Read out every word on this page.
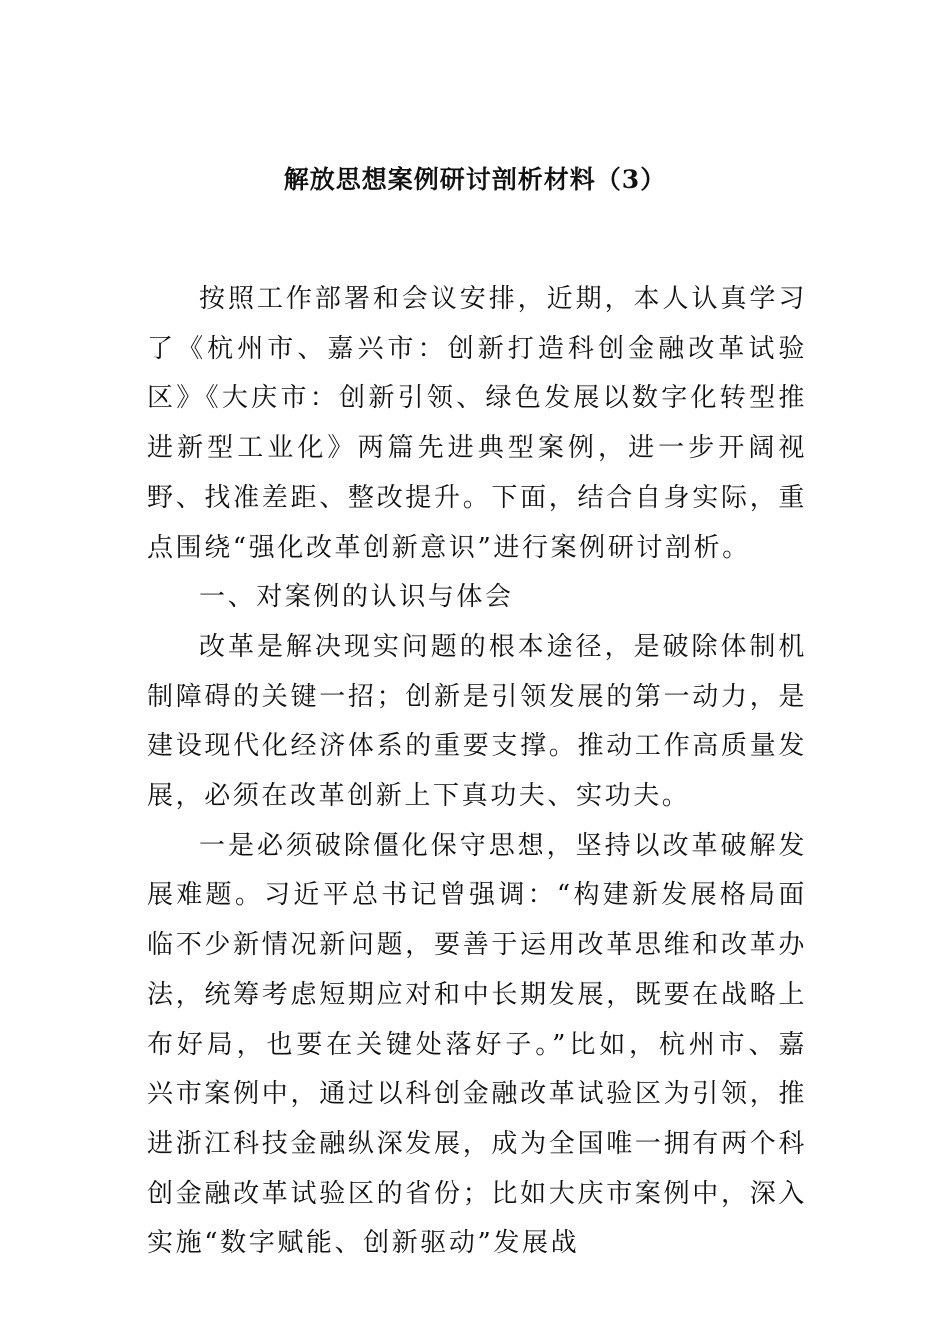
解放思想案例研讨剖析材料（3）

按照工作部署和会议安排，近期，本人认真学习了《杭州市、嘉兴市：创新打造科创金融改革试验区》《大庆市：创新引领、绿色发展以数字化转型推进新型工业化》两篇先进典型案例，进一步开阔视野、找准差距、整改提升。下面，结合自身实际，重点围绕“强化改革创新意识”进行案例研讨剖析。

一、对案例的认识与体会

改革是解决现实问题的根本途径，是破除体制机制障碍的关键一招；创新是引领发展的第一动力，是建设现代化经济体系的重要支撑。推动工作高质量发展，必须在改革创新上下真功夫、实功夫。

一是必须破除僵化保守思想，坚持以改革破解发展难题。习近平总书记曾强调：“构建新发展格局面临不少新情况新问题，要善于运用改革思维和改革办法，统筹考虑短期应对和中长期发展，既要在战略上布好局，也要在关键处落好子。”比如，杭州市、嘉兴市案例中，通过以科创金融改革试验区为引领，推进浙江科技金融纵深发展，成为全国唯一拥有两个科创金融改革试验区的省份；比如大庆市案例中，深入实施“数字赋能、创新驱动”发展战
